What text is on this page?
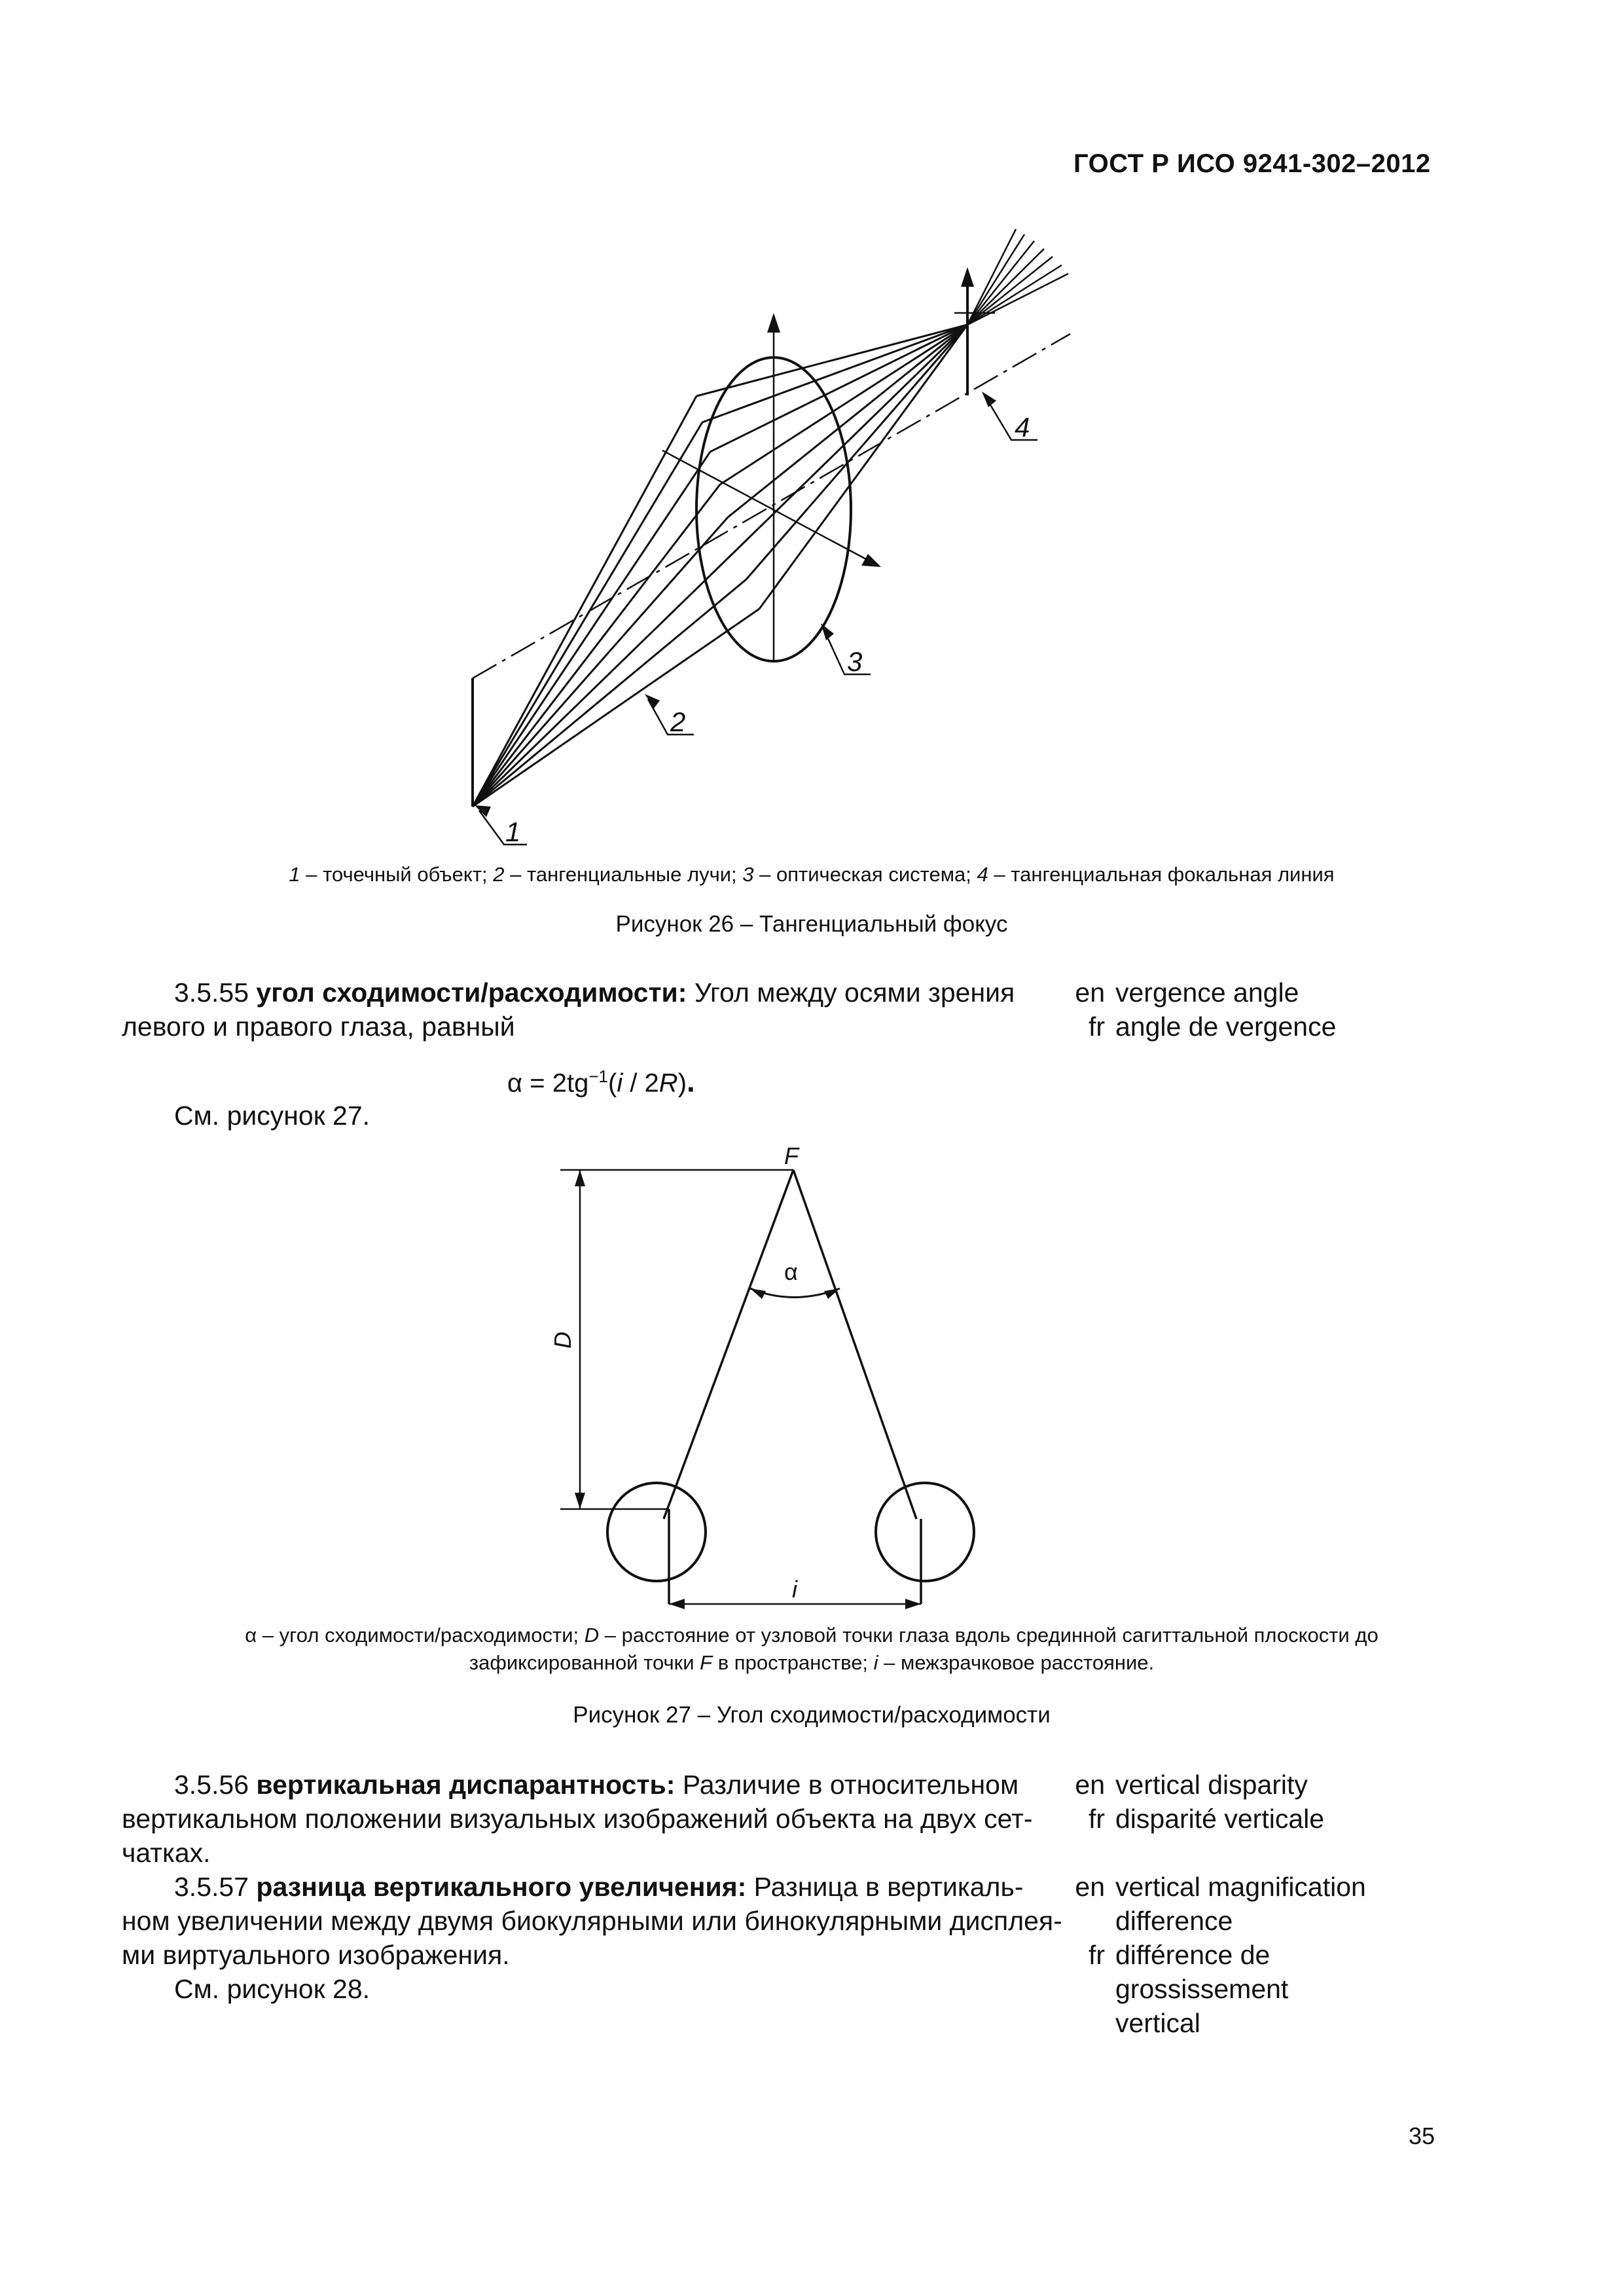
ГОСТ Р ИСО 9241-302–2012
1
2
3
4
1 – точечный объект; 2 – тангенциальные лучи; 3 – оптическая система; 4 – тангенциальная фокальная линия
Рисунок 26 – Тангенциальный фокус
3.5.55 угол сходимости/расходимости: Угол между осями зрения
левого и правого глаза, равный
en vergence angle
fr angle de vergence
$\alpha = 2tg^{-1}(i / 2R)$.
См. рисунок 27.
F
α
D
i
α – угол сходимости/расходимости; D – расстояние от узловой точки глаза вдоль срединной сагиттальной плоскости до
зафиксированной точки F в пространстве; i – межзрачковое расстояние.
Рисунок 27 – Угол сходимости/расходимости
3.5.56 вертикальная диспарантность: Различие в относительном
вертикальном положении визуальных изображений объекта на двух сет-
чатках.
en vertical disparity
fr disparité verticale
3.5.57 разница вертикального увеличения: Разница в вертикаль-
ном увеличении между двумя биокулярными или бинокулярными дисплея-
ми виртуального изображения.
См. рисунок 28.
en vertical magnification
difference
fr différence de
grossissement
vertical
35
